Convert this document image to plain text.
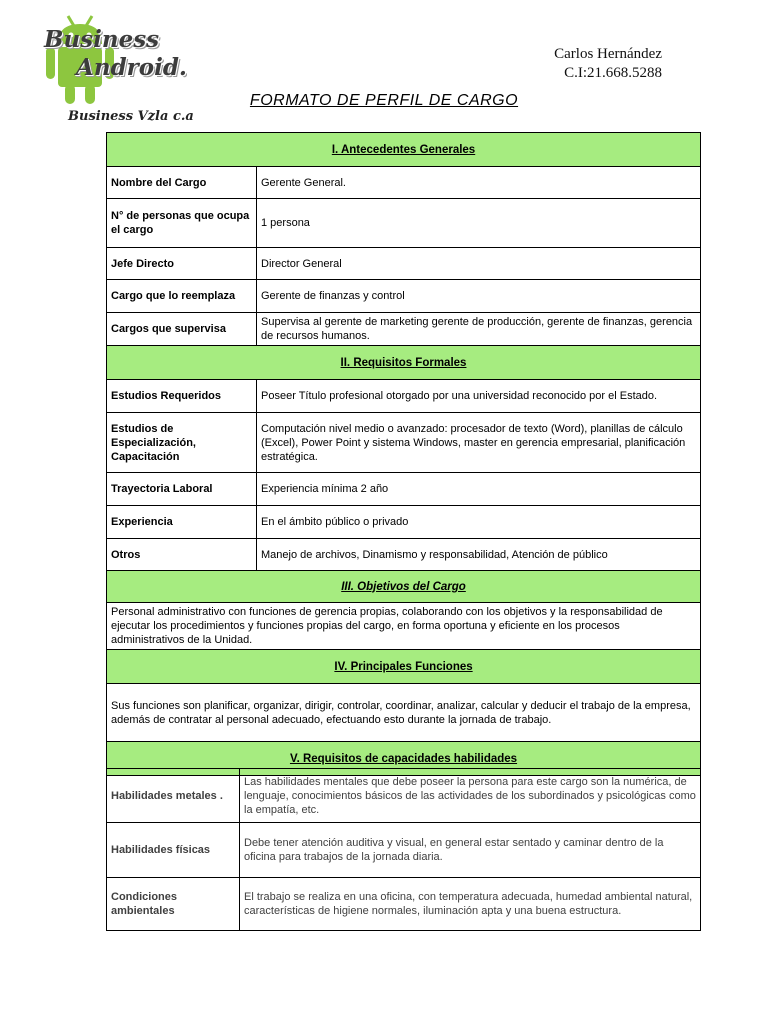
Business
Android.
Business Vzla c.a
Carlos Hernández
C.I:21.668.5288
FORMATO DE PERFIL DE CARGO
I. Antecedentes Generales	
Nombre del Cargo	Gerente General.
N° de personas que ocupa el cargo	1 persona
Jefe Directo	Director General
Cargo que lo reemplaza	Gerente de finanzas y control
Cargos que supervisa	Supervisa al gerente de marketing gerente de producción, gerente de finanzas, gerencia de recursos humanos.
II. Requisitos Formales	
Estudios Requeridos	Poseer Título profesional otorgado por una universidad reconocido por el Estado.
Estudios de Especialización, Capacitación	Computación nivel medio o avanzado: procesador de texto (Word), planillas de cálculo (Excel), Power Point y sistema Windows, master en gerencia empresarial, planificación estratégica.
Trayectoria Laboral	Experiencia mínima 2 año
Experiencia	En el ámbito público o privado
Otros	Manejo de archivos, Dinamismo y responsabilidad, Atención de público
III. Objetivos del Cargo	
Personal administrativo con funciones de gerencia propias, colaborando con los objetivos y la responsabilidad de ejecutar los procedimientos y funciones propias del cargo, en forma oportuna y eficiente en los procesos administrativos de la Unidad.	
IV. Principales Funciones	
Sus funciones son planificar, organizar, dirigir, controlar, coordinar, analizar, calcular y deducir el trabajo de la empresa, además de contratar al personal adecuado, efectuando esto durante la jornada de trabajo.	
V. Requisitos de capacidades habilidades	
Habilidades metales .	Las habilidades mentales que debe poseer la persona para este cargo son la numérica, de lenguaje, conocimientos básicos de las actividades de los subordinados y psicológicas como la empatía, etc.
Habilidades físicas	Debe tener atención auditiva y visual, en general estar sentado y caminar dentro de la oficina para trabajos de la jornada diaria.
Condiciones ambientales	El trabajo se realiza en una oficina, con temperatura adecuada, humedad ambiental natural, características de higiene normales, iluminación apta y una buena estructura.
